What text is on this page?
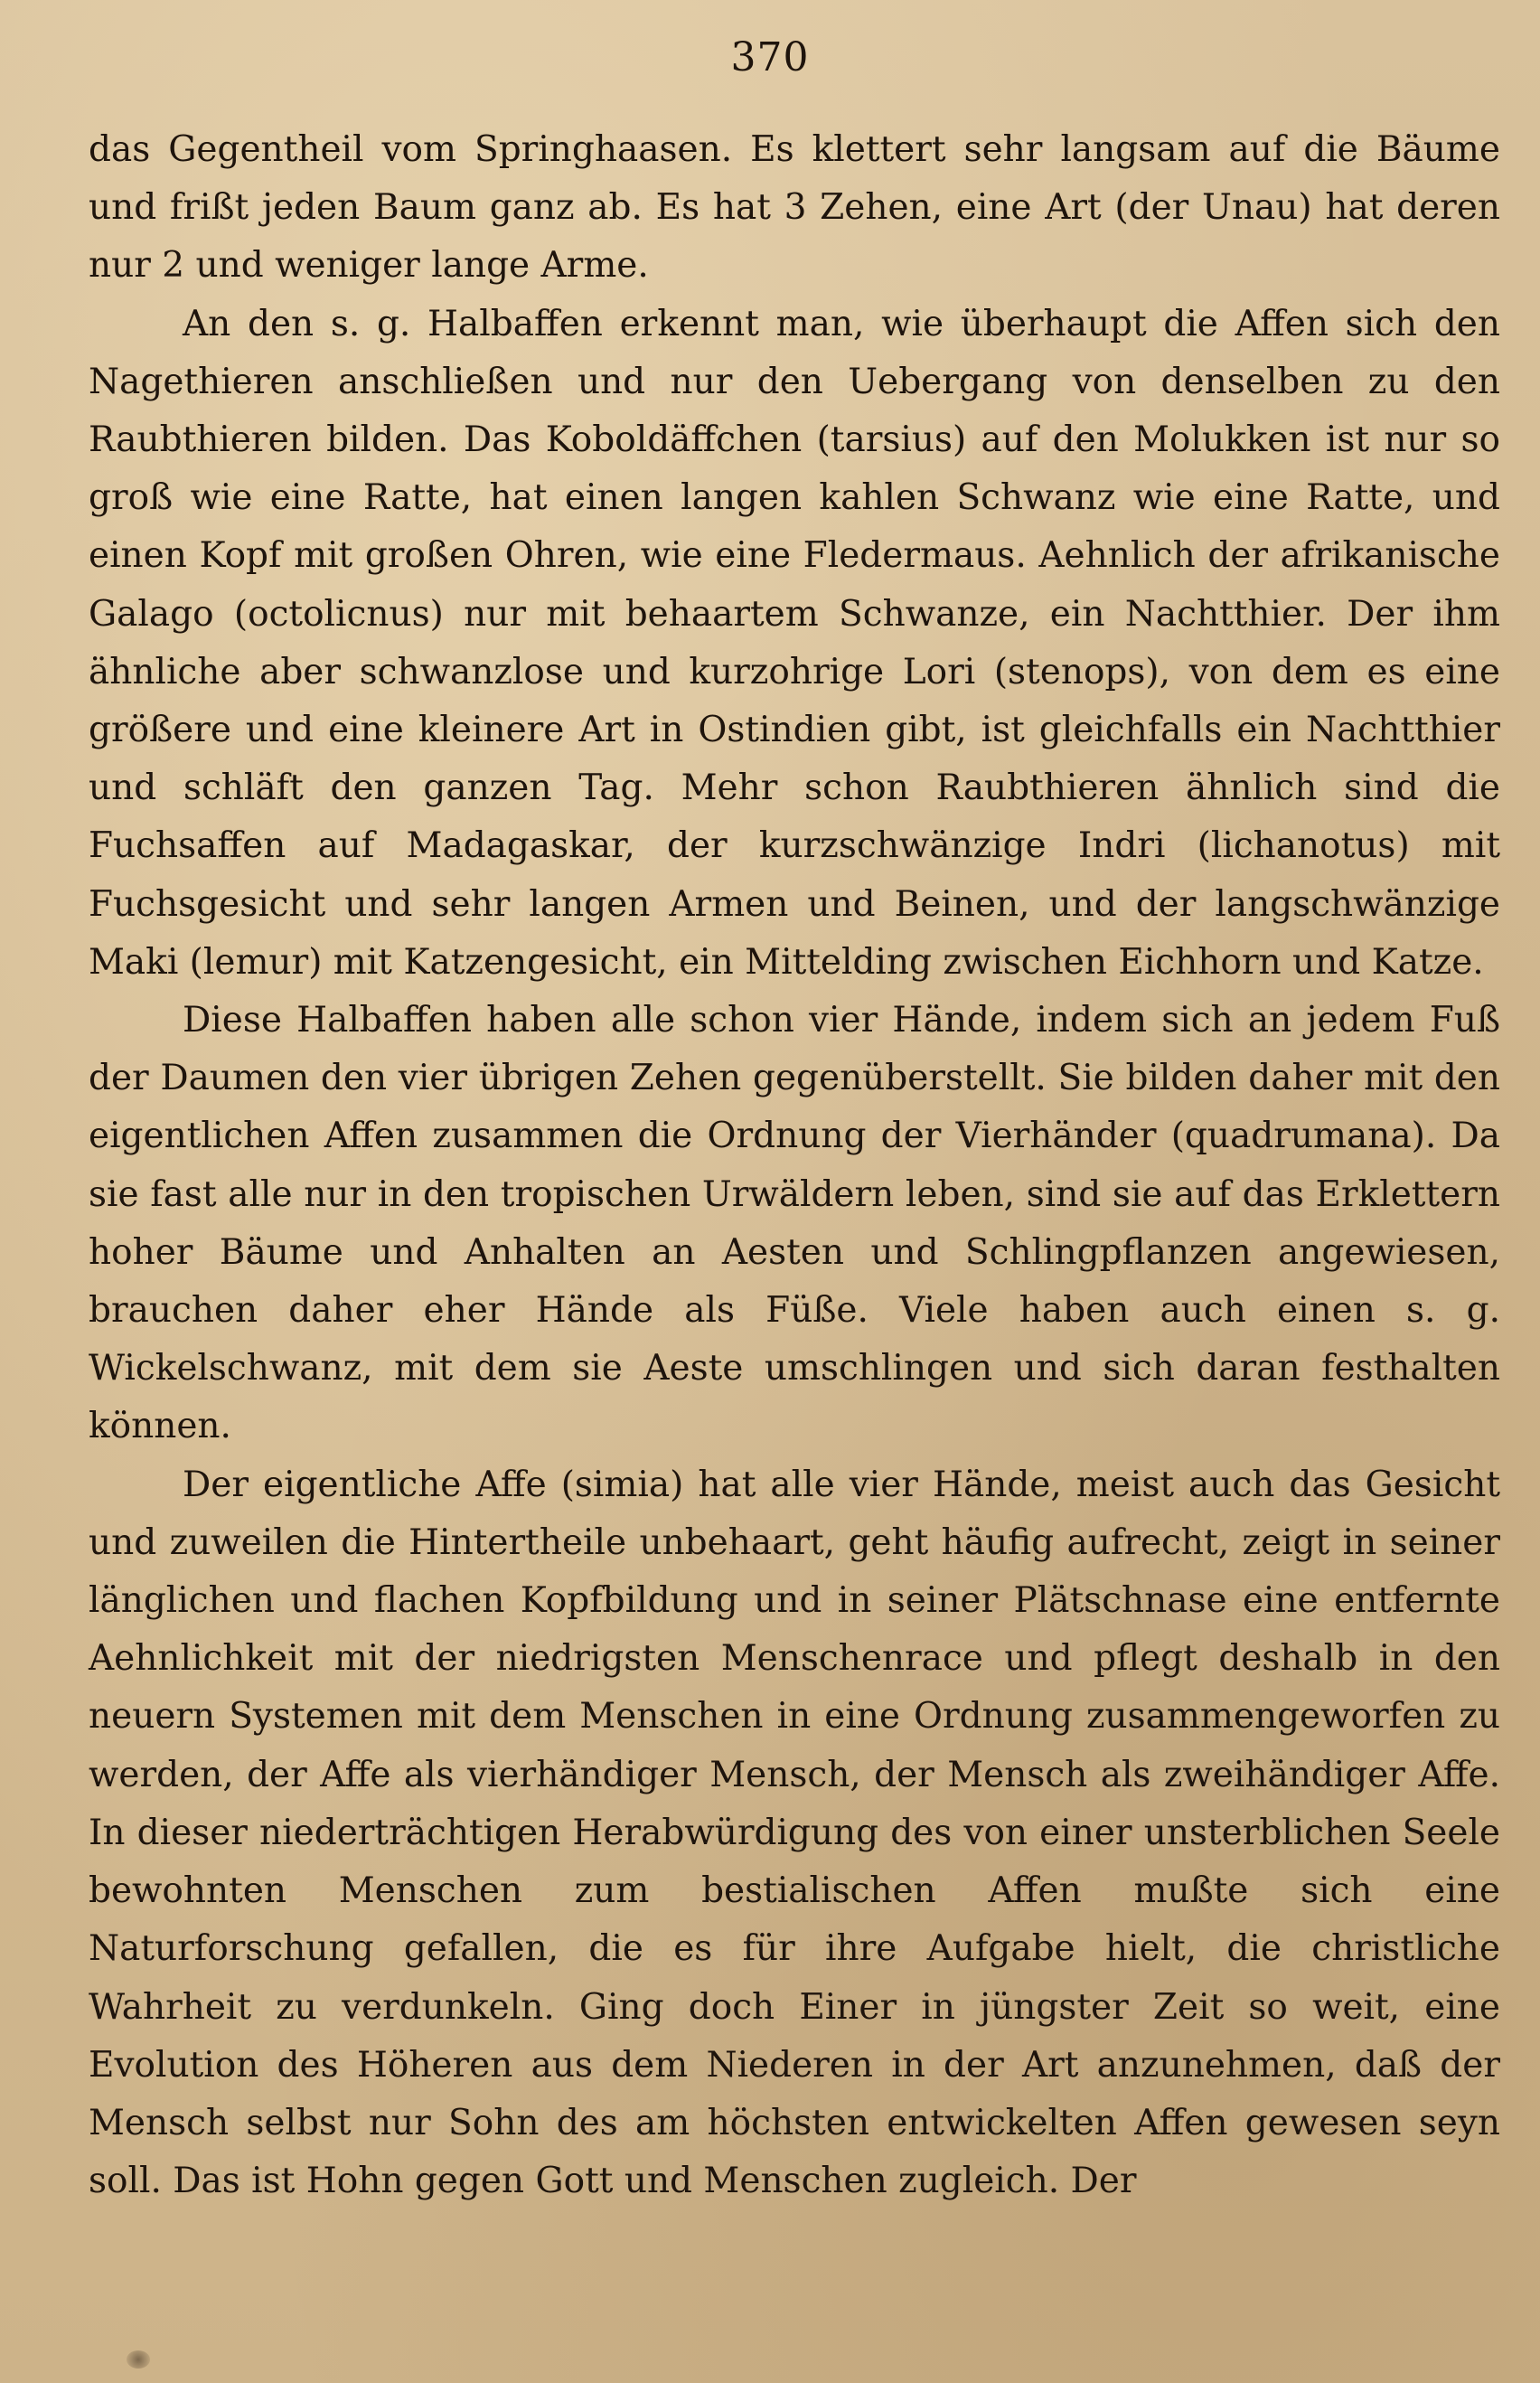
370

das Gegentheil vom Springhaasen. Es klettert sehr langsam auf die Bäume und frißt jeden Baum ganz ab. Es hat 3 Zehen, eine Art (der Unau) hat deren nur 2 und weniger lange Arme.

An den s. g. Halbaffen erkennt man, wie überhaupt die Affen sich den Nagethieren anschließen und nur den Uebergang von denselben zu den Raubthieren bilden. Das Koboldäffchen (tarsius) auf den Molukken ist nur so groß wie eine Ratte, hat einen langen kahlen Schwanz wie eine Ratte, und einen Kopf mit großen Ohren, wie eine Fledermaus. Aehnlich der afrikanische Galago (octolicnus) nur mit behaartem Schwanze, ein Nachtthier. Der ihm ähnliche aber schwanzlose und kurzohrige Lori (stenops), von dem es eine größere und eine kleinere Art in Ostindien gibt, ist gleichfalls ein Nachtthier und schläft den ganzen Tag. Mehr schon Raubthieren ähnlich sind die Fuchsaffen auf Madagaskar, der kurzschwänzige Indri (lichanotus) mit Fuchsgesicht und sehr langen Armen und Beinen, und der langschwänzige Maki (lemur) mit Katzengesicht, ein Mittelding zwischen Eichhorn und Katze.

Diese Halbaffen haben alle schon vier Hände, indem sich an jedem Fuß der Daumen den vier übrigen Zehen gegenüberstellt. Sie bilden daher mit den eigentlichen Affen zusammen die Ordnung der Vierhänder (quadrumana). Da sie fast alle nur in den tropischen Urwäldern leben, sind sie auf das Erklettern hoher Bäume und Anhalten an Aesten und Schlingpflanzen angewiesen, brauchen daher eher Hände als Füße. Viele haben auch einen s. g. Wickelschwanz, mit dem sie Aeste umschlingen und sich daran festhalten können.

Der eigentliche Affe (simia) hat alle vier Hände, meist auch das Gesicht und zuweilen die Hintertheile unbehaart, geht häufig aufrecht, zeigt in seiner länglichen und flachen Kopfbildung und in seiner Plätschnase eine entfernte Aehnlichkeit mit der niedrigsten Menschenrace und pflegt deshalb in den neuern Systemen mit dem Menschen in eine Ordnung zusammengeworfen zu werden, der Affe als vierhändiger Mensch, der Mensch als zweihändiger Affe. In dieser niederträchtigen Herabwürdigung des von einer unsterblichen Seele bewohnten Menschen zum bestialischen Affen mußte sich eine Naturforschung gefallen, die es für ihre Aufgabe hielt, die christliche Wahrheit zu verdunkeln. Ging doch Einer in jüngster Zeit so weit, eine Evolution des Höheren aus dem Niederen in der Art anzunehmen, daß der Mensch selbst nur Sohn des am höchsten entwickelten Affen gewesen seyn soll. Das ist Hohn gegen Gott und Menschen zugleich. Der
